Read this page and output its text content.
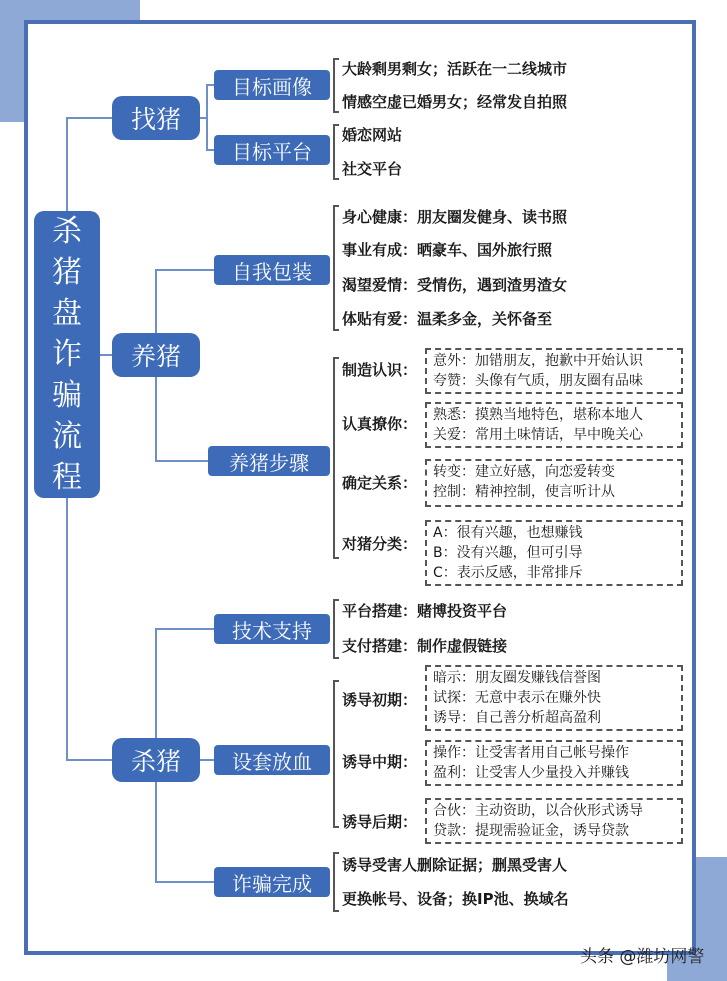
杀
猪
盘
诈
骗
流
程
找猪
养猪
杀猪
目标画像
目标平台
自我包装
养猪步骤
技术支持
设套放血
诈骗完成
大龄剩男剩女；活跃在一二线城市
情感空虚已婚男女；经常发自拍照
婚恋网站
社交平台
身心健康：朋友圈发健身、读书照
事业有成：晒豪车、国外旅行照
渴望爱情：受情伤，遇到渣男渣女
体贴有爱：温柔多金，关怀备至
制造认识： 意外：加错朋友，抱歉中开始认识
夸赞：头像有气质，朋友圈有品味
认真撩你： 熟悉：摸熟当地特色，堪称本地人
关爱：常用土味情话，早中晚关心
确定关系：
转变：建立好感，向恋爱转变
控制：精神控制，使言听计从
对猪分类：
A：很有兴趣，也想赚钱
B：没有兴趣，但可引导
C：表示反感，非常排斥
平台搭建：赌博投资平台
支付搭建：制作虚假链接
诱导初期：
暗示：朋友圈发赚钱信誉图
试探：无意中表示在赚外快
诱导：自己善分析超高盈利
诱导中期： 操作：让受害者用自己帐号操作
盈利：让受害人少量投入并赚钱
诱导后期：
合伙：主动资助，以合伙形式诱导
贷款：提现需验证金，诱导贷款
诱导受害人删除证据；删黑受害人
更换帐号、设备；换IP池、换域名
头条 @潍坊网警
